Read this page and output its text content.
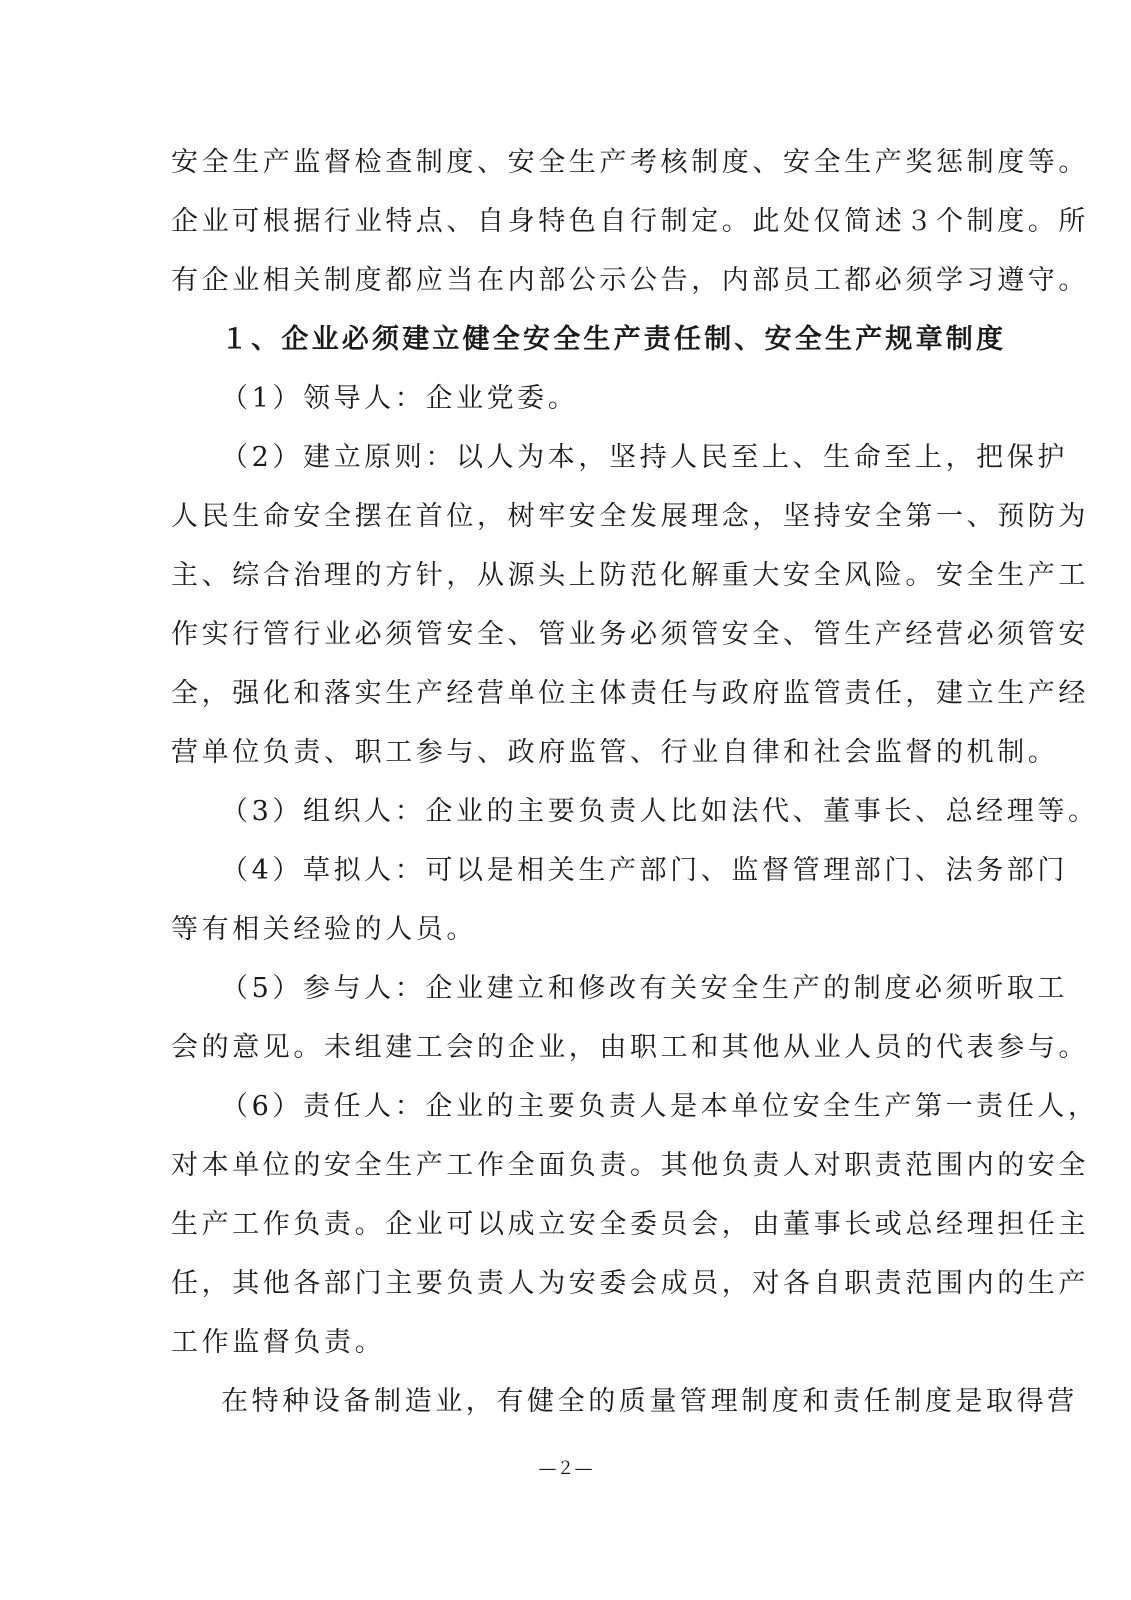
安全生产监督检查制度、安全生产考核制度、安全生产奖惩制度等。
企业可根据行业特点、自身特色自行制定。此处仅简述３个制度。所
有企业相关制度都应当在内部公示公告，内部员工都必须学习遵守。
１、企业必须建立健全安全生产责任制、安全生产规章制度
（1）领导人：企业党委。
（2）建立原则：以人为本，坚持人民至上、生命至上，把保护
人民生命安全摆在首位，树牢安全发展理念，坚持安全第一、预防为
主、综合治理的方针，从源头上防范化解重大安全风险。安全生产工
作实行管行业必须管安全、管业务必须管安全、管生产经营必须管安
全，强化和落实生产经营单位主体责任与政府监管责任，建立生产经
营单位负责、职工参与、政府监管、行业自律和社会监督的机制。
（3）组织人：企业的主要负责人比如法代、董事长、总经理等。
（4）草拟人：可以是相关生产部门、监督管理部门、法务部门
等有相关经验的人员。
（5）参与人：企业建立和修改有关安全生产的制度必须听取工
会的意见。未组建工会的企业，由职工和其他从业人员的代表参与。
（6）责任人：企业的主要负责人是本单位安全生产第一责任人，
对本单位的安全生产工作全面负责。其他负责人对职责范围内的安全
生产工作负责。企业可以成立安全委员会，由董事长或总经理担任主
任，其他各部门主要负责人为安委会成员，对各自职责范围内的生产
工作监督负责。
在特种设备制造业，有健全的质量管理制度和责任制度是取得营
—２—
